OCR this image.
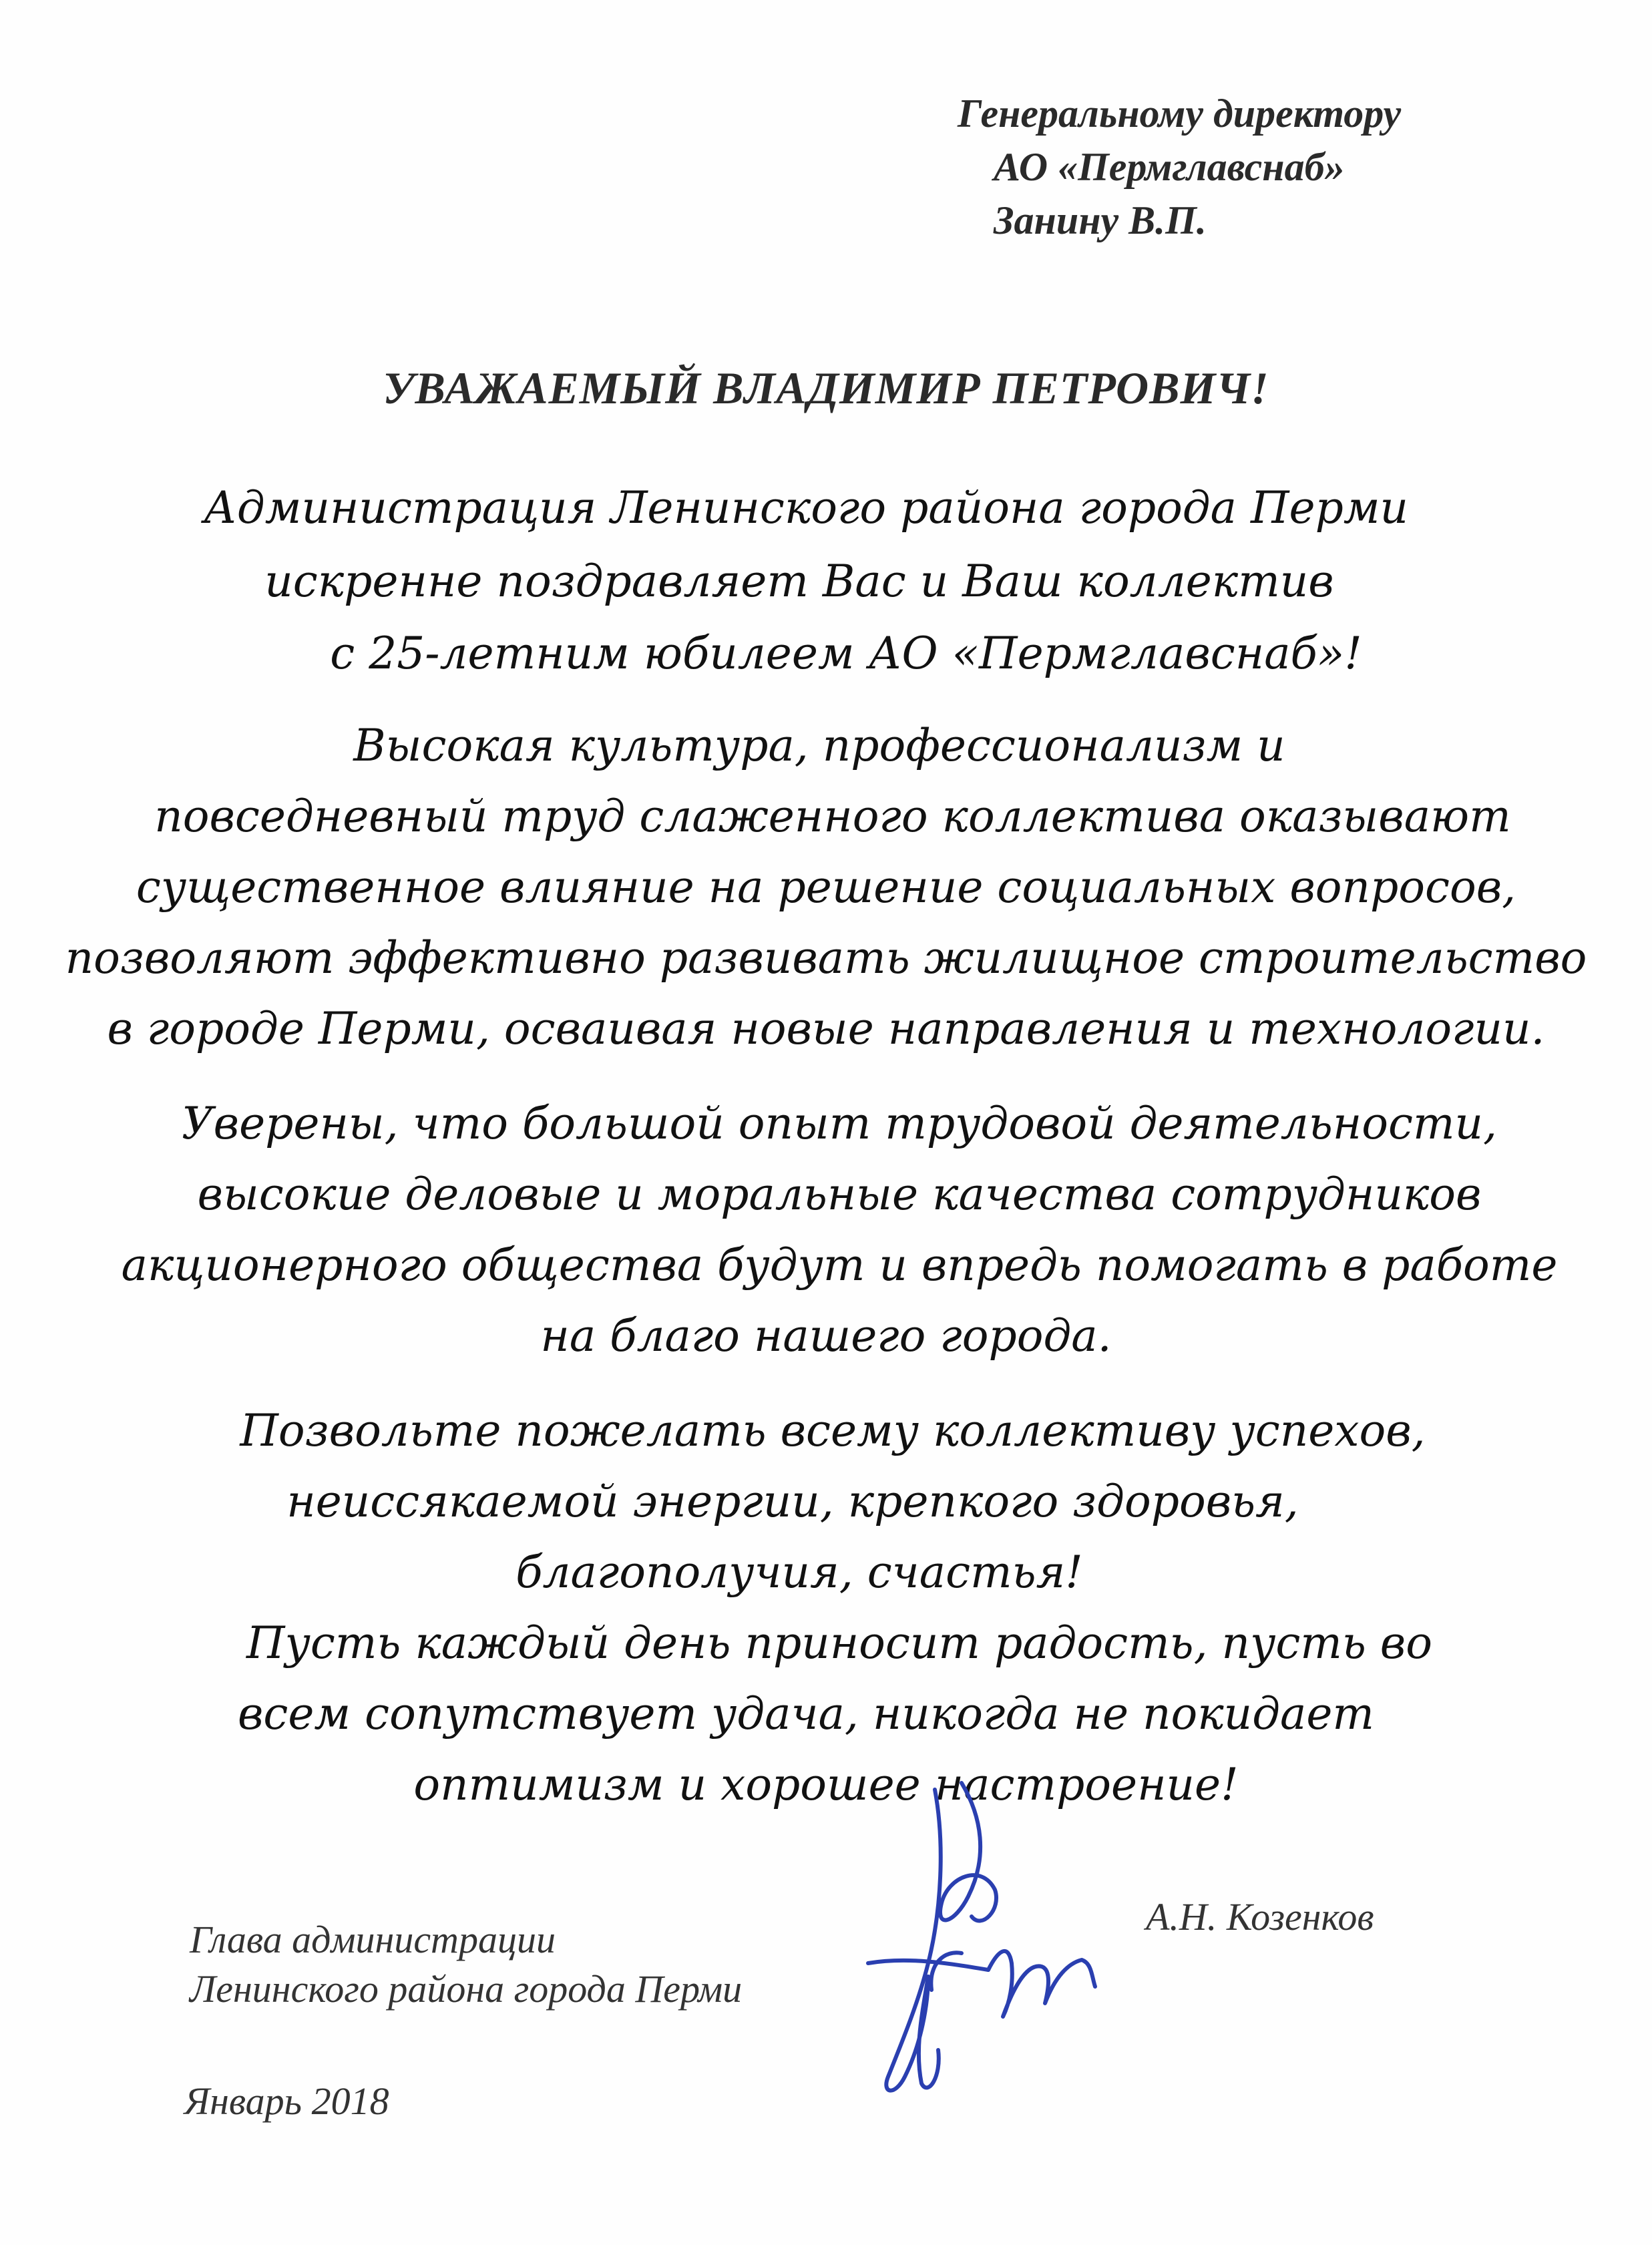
Генеральному директору
АО «Пермглавснаб»
Занину В.П.
УВАЖАЕМЫЙ ВЛАДИМИР ПЕТРОВИЧ!
Администрация Ленинского района города Перми
искренне поздравляет Вас и Ваш коллектив
с 25-летним юбилеем АО «Пермглавснаб»!
Высокая культура, профессионализм и
повседневный труд слаженного коллектива оказывают
существенное влияние на решение социальных вопросов,
позволяют эффективно развивать жилищное строительство
в городе Перми, осваивая новые направления и технологии.
Уверены, что большой опыт трудовой деятельности,
высокие деловые и моральные качества сотрудников
акционерного общества будут и впредь помогать в работе
на благо нашего города.
Позвольте пожелать всему коллективу успехов,
неиссякаемой энергии, крепкого здоровья,
благополучия, счастья!
Пусть каждый день приносит радость, пусть во
всем сопутствует удача, никогда не покидает
оптимизм и хорошее настроение!
Глава администрации
Ленинского района города Перми
А.Н. Козенков
Январь 2018
